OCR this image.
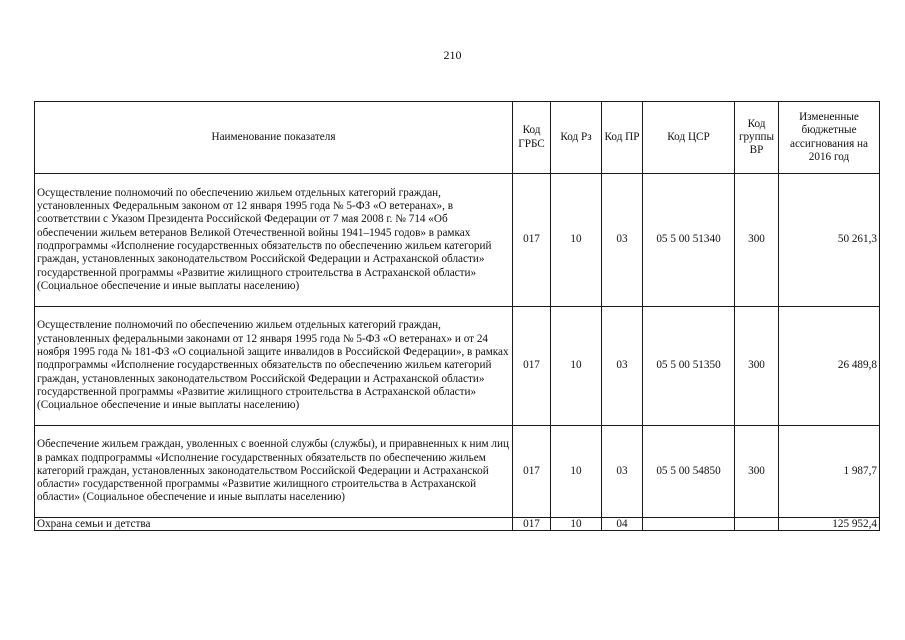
210
Наименование показателя	Код ГРБС	Код Рз	Код ПР	Код ЦСР	Код группы ВР	Измененные бюджетные ассигнования на 2016 год
Осуществление полномочий по обеспечению жильем отдельных категорий граждан, установленных Федеральным законом от 12 января 1995 года № 5-ФЗ «О ветеранах», в соответствии с Указом Президента Российской Федерации от 7 мая 2008 г. № 714 «Об обеспечении жильем ветеранов Великой Отечественной войны 1941–1945 годов» в рамках подпрограммы «Исполнение государственных обязательств по обеспечению жильем категорий граждан, установленных законодательством Российской Федерации и Астраханской области» государственной программы «Развитие жилищного строительства в Астраханской области» (Социальное обеспечение и иные выплаты населению)	017	10	03	05 5 00 51340	300	50 261,3
Осуществление полномочий по обеспечению жильем отдельных категорий граждан, установленных федеральными законами от 12 января 1995 года № 5-ФЗ «О ветеранах» и от 24 ноября 1995 года № 181-ФЗ «О социальной защите инвалидов в Российской Федерации», в рамках подпрограммы «Исполнение государственных обязательств по обеспечению жильем категорий граждан, установленных законодательством Российской Федерации и Астраханской области» государственной программы «Развитие жилищного строительства в Астраханской области» (Социальное обеспечение и иные выплаты населению)	017	10	03	05 5 00 51350	300	26 489,8
Обеспечение жильем граждан, уволенных с военной службы (службы), и приравненных к ним лиц в рамках подпрограммы «Исполнение государственных обязательств по обеспечению жильем категорий граждан, установленных законодательством Российской Федерации и Астраханской области» государственной программы «Развитие жилищного строительства в Астраханской области» (Социальное обеспечение и иные выплаты населению)	017	10	03	05 5 00 54850	300	1 987,7
Охрана семьи и детства	017	10	04			125 952,4
